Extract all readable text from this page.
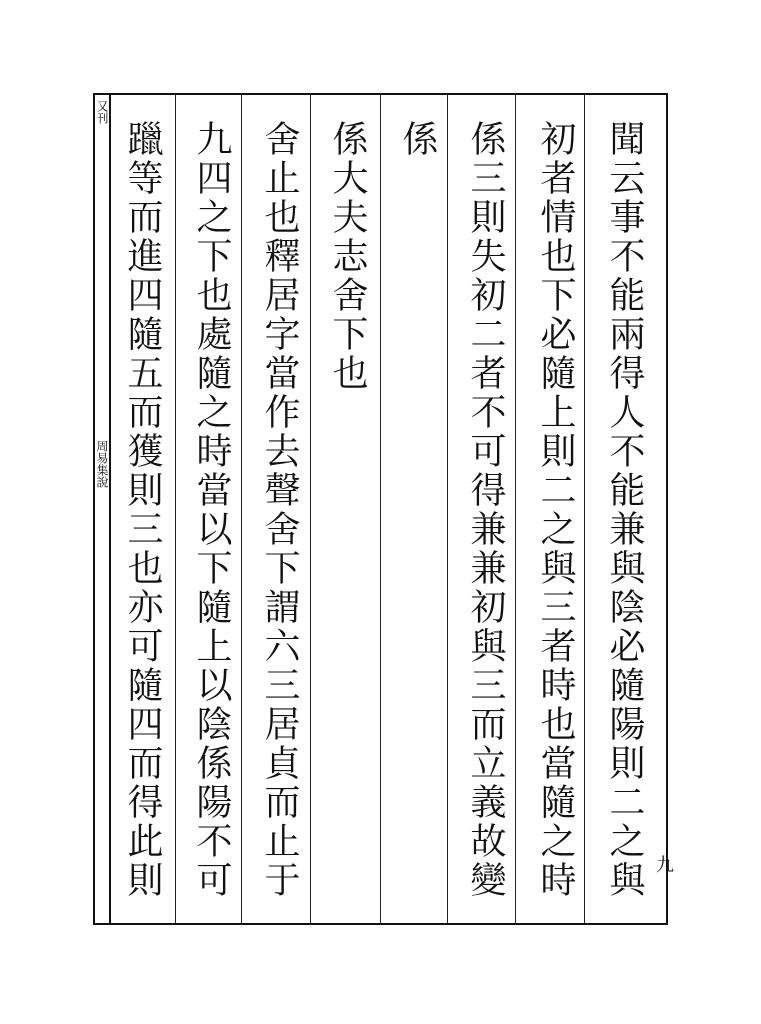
又刊
周易集說	聞云事不能兩得人不能兼與陰必隨陽則二之與
初者情也下必隨上則二之與三者時也當隨之時
係三則失初二者不可得兼兼初與三而立義故變
係
係大夫志舍下也
舍止也釋居字當作去聲舍下謂六三居貞而止于
九四之下也處隨之時當以下隨上以陰係陽不可
躐等而進四隨五而獲則三也亦可隨四而得此則	九
